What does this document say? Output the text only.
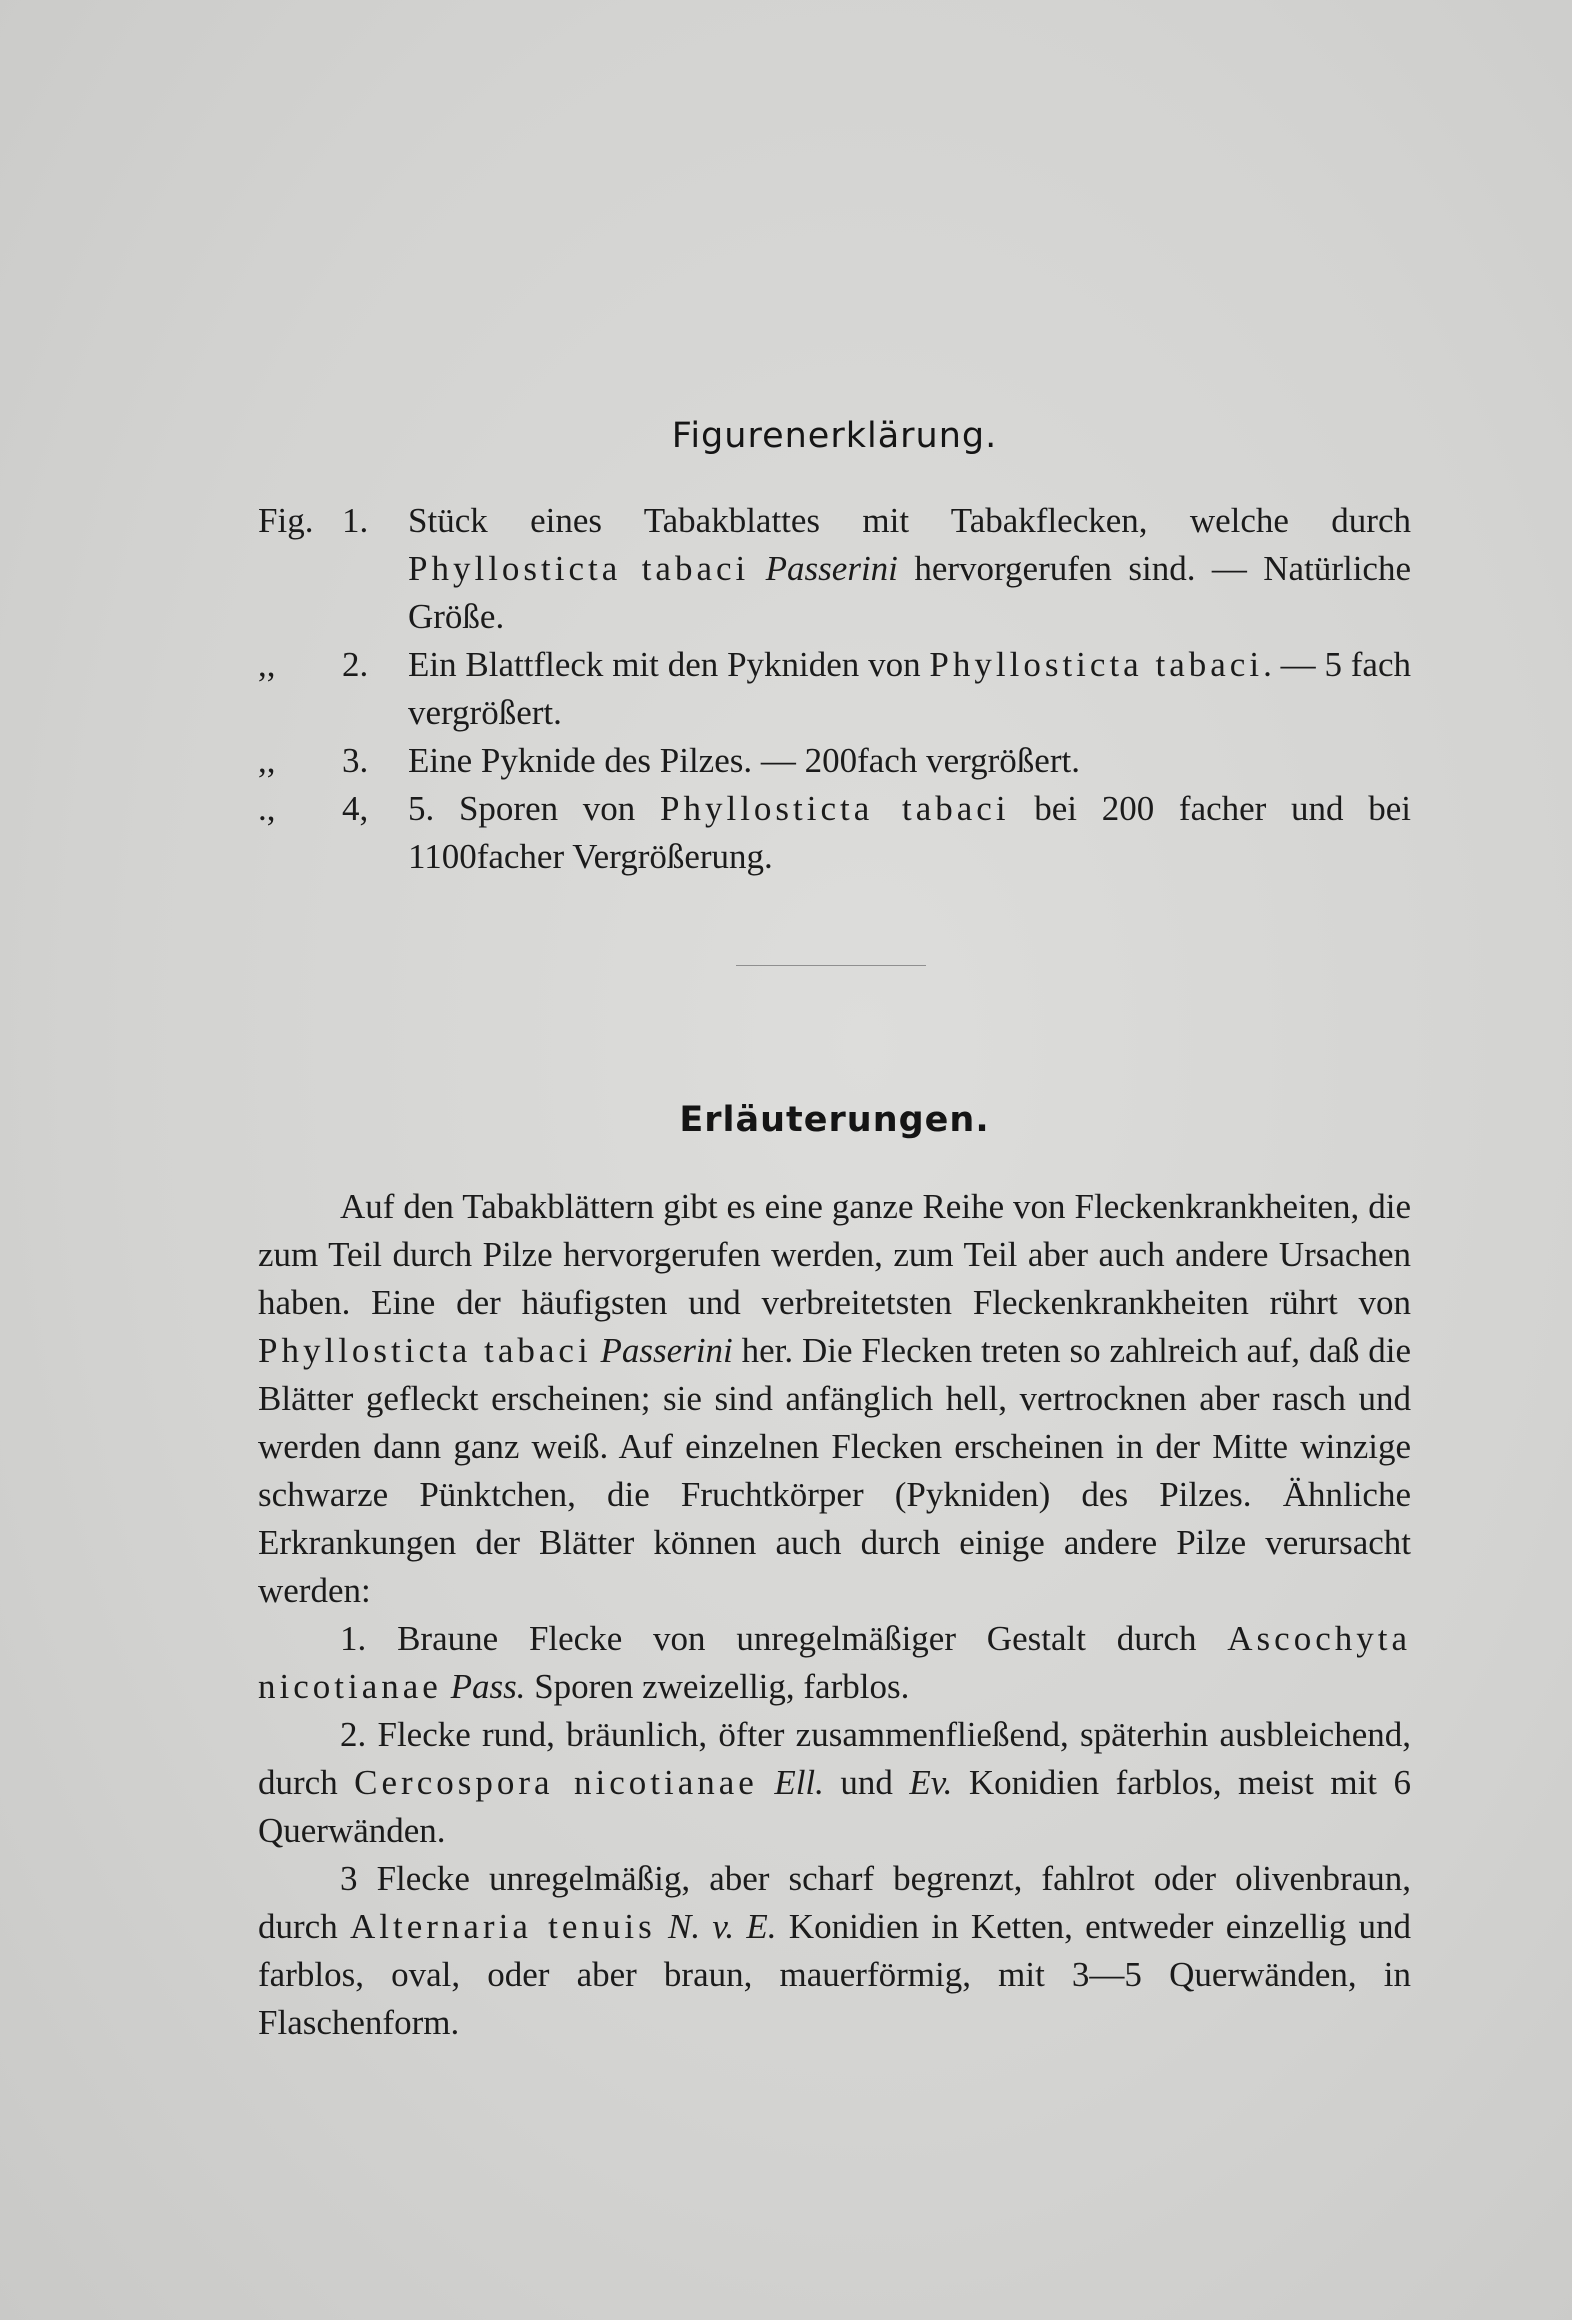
Figurenerklärung.
Fig. 1. Stück eines Tabakblattes mit Tabakflecken, welche durch Phyllosticta tabaci Passerini hervorgerufen sind. — Natürliche Größe.
,, 2. Ein Blattfleck mit den Pykniden von Phyllosticta tabaci. — 5 fach vergrößert.
,, 3. Eine Pyknide des Pilzes. — 200fach vergrößert.
., 4, 5. Sporen von Phyllosticta tabaci bei 200 facher und bei 1100facher Vergrößerung.
Erläuterungen.

Auf den Tabakblättern gibt es eine ganze Reihe von Fleckenkrankheiten, die zum Teil durch Pilze hervorgerufen werden, zum Teil aber auch andere Ursachen haben. Eine der häufigsten und verbreitetsten Fleckenkrankheiten rührt von Phyllosticta tabaci Passerini her. Die Flecken treten so zahlreich auf, daß die Blätter gefleckt erscheinen; sie sind anfänglich hell, vertrocknen aber rasch und werden dann ganz weiß. Auf einzelnen Flecken erscheinen in der Mitte winzige schwarze Pünktchen, die Fruchtkörper (Pykniden) des Pilzes. Ähnliche Erkrankungen der Blätter können auch durch einige andere Pilze verursacht werden:

1. Braune Flecke von unregelmäßiger Gestalt durch Ascochyta nicotianae Pass. Sporen zweizellig, farblos.

2. Flecke rund, bräunlich, öfter zusammenfließend, späterhin ausbleichend, durch Cercospora nicotianae Ell. und Ev. Konidien farblos, meist mit 6 Querwänden.

3 Flecke unregelmäßig, aber scharf begrenzt, fahlrot oder olivenbraun, durch Alternaria tenuis N. v. E. Konidien in Ketten, entweder einzellig und farblos, oval, oder aber braun, mauerförmig, mit 3—5 Querwänden, in Flaschenform.
